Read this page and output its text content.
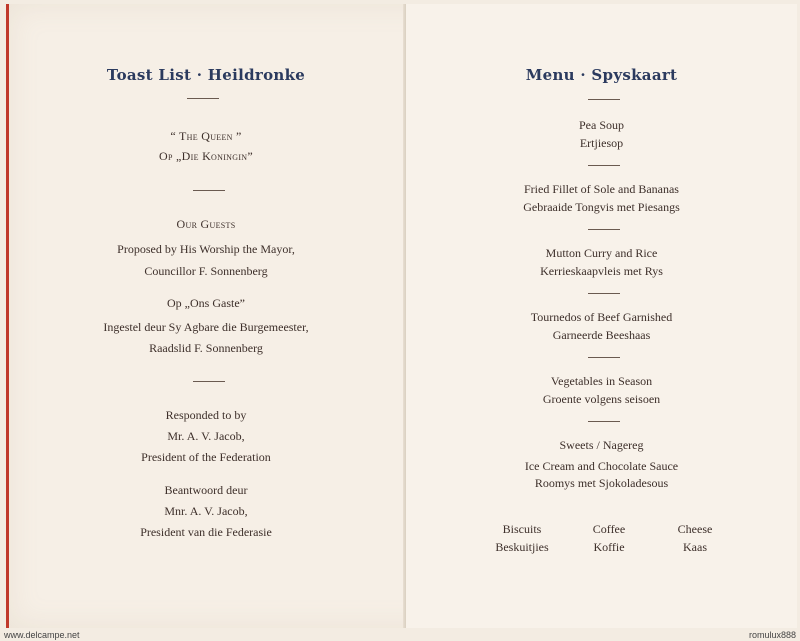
Toast List · Heildronke
“ The Queen ”
Op „Die Koningin”
Our Guests
Proposed by His Worship the Mayor,
Councillor F. Sonnenberg
Op „Ons Gaste”
Ingestel deur Sy Agbare die Burgemeester,
Raadslid F. Sonnenberg
Responded to by
Mr. A. V. Jacob,
President of the Federation
Beantwoord deur
Mnr. A. V. Jacob,
President van die Federasie
Menu · Spyskaart
Pea Soup
Ertjiesop
Fried Fillet of Sole and Bananas
Gebraaide Tongvis met Piesangs
Mutton Curry and Rice
Kerrieskaapvleis met Rys
Tournedos of Beef Garnished
Garneerde Beeshaas
Vegetables in Season
Groente volgens seisoen
Sweets / Nagereg
Ice Cream and Chocolate Sauce
Roomys met Sjokoladesous
Biscuits
Beskuitjies
Coffee
Koffie
Cheese
Kaas
www.delcampe.net	romulux888
